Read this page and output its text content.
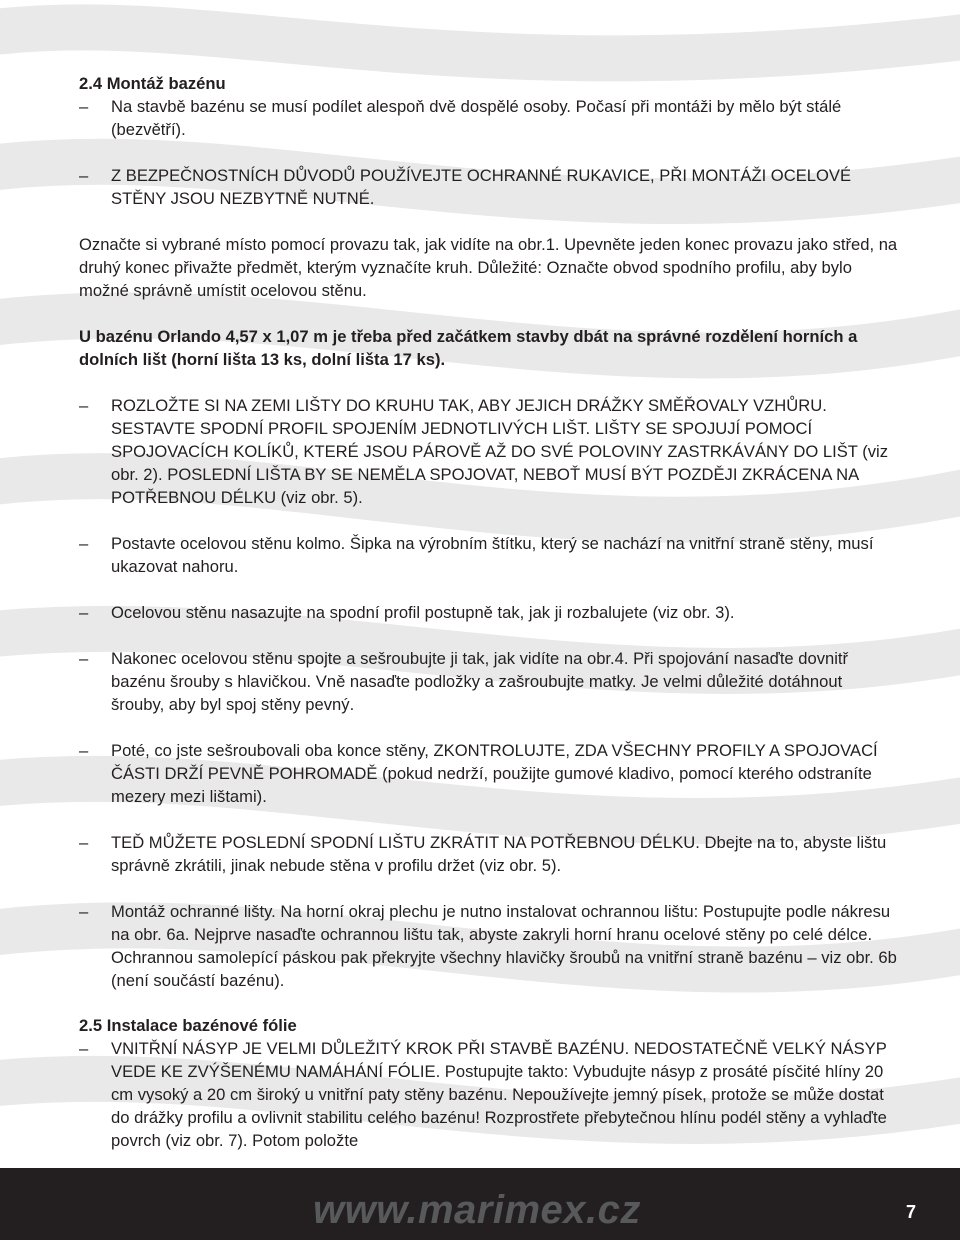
2.4 Montáž bazénu
– Na stavbě bazénu se musí podílet alespoň dvě dospělé osoby. Počasí při montáži by mělo být stálé (bezvětří).
– Z BEZPEČNOSTNÍCH DŮVODŮ POUŽÍVEJTE OCHRANNÉ RUKAVICE, PŘI MONTÁŽI OCELOVÉ STĚNY JSOU NEZBYTNĚ NUTNÉ.
Označte si vybrané místo pomocí provazu tak, jak vidíte na obr.1. Upevněte jeden konec provazu jako střed, na druhý konec přivažte předmět, kterým vyznačíte kruh. Důležité: Označte obvod spodního profilu, aby bylo možné správně umístit ocelovou stěnu.
U bazénu Orlando 4,57 x 1,07 m je třeba před začátkem stavby dbát na správné rozdělení horních a dolních lišt (horní lišta 13 ks, dolní lišta 17 ks).
– ROZLOŽTE SI NA ZEMI LIŠTY DO KRUHU TAK, ABY JEJICH DRÁŽKY SMĚŘOVALY VZHŮRU. SESTAVTE SPODNÍ PROFIL SPOJENÍM JEDNOTLIVÝCH LIŠT. LIŠTY SE SPOJUJÍ POMOCÍ SPOJOVACÍCH KOLÍKŮ, KTERÉ JSOU PÁROVĚ AŽ DO SVÉ POLOVINY ZASTRKÁVÁNY DO LIŠT (viz obr. 2). POSLEDNÍ LIŠTA BY SE NEMĚLA SPOJOVAT, NEBOŤ MUSÍ BÝT POZDĚJI ZKRÁCENA NA POTŘEBNOU DÉLKU (viz obr. 5).
– Postavte ocelovou stěnu kolmo. Šipka na výrobním štítku, který se nachází na vnitřní straně stěny, musí ukazovat nahoru.
– Ocelovou stěnu nasazujte na spodní profil postupně tak, jak ji rozbalujete (viz obr. 3).
– Nakonec ocelovou stěnu spojte a sešroubujte ji tak, jak vidíte na obr.4. Při spojování nasaďte dovnitř bazénu šrouby s hlavičkou. Vně nasaďte podložky a zašroubujte matky. Je velmi důležité dotáhnout šrouby, aby byl spoj stěny pevný.
– Poté, co jste sešroubovali oba konce stěny, ZKONTROLUJTE, ZDA VŠECHNY PROFILY A SPOJOVACÍ ČÁSTI DRŽÍ PEVNĚ POHROMADĚ (pokud nedrží, použijte gumové kladivo, pomocí kterého odstraníte mezery mezi lištami).
– TEĎ MŮŽETE POSLEDNÍ SPODNÍ LIŠTU ZKRÁTIT NA POTŘEBNOU DÉLKU. Dbejte na to, abyste lištu správně zkrátili, jinak nebude stěna v profilu držet (viz obr. 5).
– Montáž ochranné lišty. Na horní okraj plechu je nutno instalovat ochrannou lištu: Postupujte podle nákresu na obr. 6a. Nejprve nasaďte ochrannou lištu tak, abyste zakryli horní hranu ocelové stěny po celé délce. Ochrannou samolepící páskou pak překryjte všechny hlavičky šroubů na vnitřní straně bazénu – viz obr. 6b (není součástí bazénu).
2.5 Instalace bazénové fólie
– VNITŘNÍ NÁSYP JE VELMI DŮLEŽITÝ KROK PŘI STAVBĚ BAZÉNU. NEDOSTATEČNĚ VELKÝ NÁSYP VEDE KE ZVÝŠENÉMU NAMÁHÁNÍ FÓLIE. Postupujte takto: Vybudujte násyp z prosáté písčité hlíny 20 cm vysoký a 20 cm široký u vnitřní paty stěny bazénu. Nepoužívejte jemný písek, protože se může dostat do drážky profilu a ovlivnit stabilitu celého bazénu! Rozprostřete přebytečnou hlínu podél stěny a vyhlaďte povrch (viz obr. 7). Potom položte
www.marimex.cz	7
